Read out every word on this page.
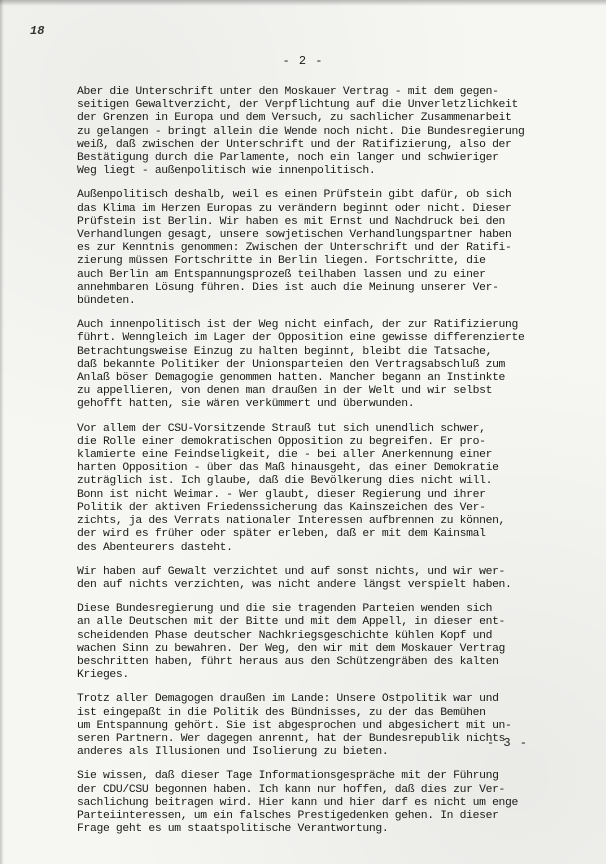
18
- 2 -

Aber die Unterschrift unter den Moskauer Vertrag - mit dem gegen-
seitigen Gewaltverzicht, der Verpflichtung auf die Unverletzlichkeit
der Grenzen in Europa und dem Versuch, zu sachlicher Zusammenarbeit
zu gelangen - bringt allein die Wende noch nicht. Die Bundesregierung
weiß, daß zwischen der Unterschrift und der Ratifizierung, also der
Bestätigung durch die Parlamente, noch ein langer und schwieriger
Weg liegt - außenpolitisch wie innenpolitisch.

Außenpolitisch deshalb, weil es einen Prüfstein gibt dafür, ob sich
das Klima im Herzen Europas zu verändern beginnt oder nicht. Dieser
Prüfstein ist Berlin. Wir haben es mit Ernst und Nachdruck bei den
Verhandlungen gesagt, unsere sowjetischen Verhandlungspartner haben
es zur Kenntnis genommen: Zwischen der Unterschrift und der Ratifi-
zierung müssen Fortschritte in Berlin liegen. Fortschritte, die
auch Berlin am Entspannungsprozeß teilhaben lassen und zu einer
annehmbaren Lösung führen. Dies ist auch die Meinung unserer Ver-
bündeten.

Auch innenpolitisch ist der Weg nicht einfach, der zur Ratifizierung
führt. Wenngleich im Lager der Opposition eine gewisse differenzierte
Betrachtungsweise Einzug zu halten beginnt, bleibt die Tatsache,
daß bekannte Politiker der Unionsparteien den Vertragsabschluß zum
Anlaß böser Demagogie genommen hatten. Mancher begann an Instinkte
zu appellieren, von denen man draußen in der Welt und wir selbst
gehofft hatten, sie wären verkümmert und überwunden.

Vor allem der CSU-Vorsitzende Strauß tut sich unendlich schwer,
die Rolle einer demokratischen Opposition zu begreifen. Er pro-
klamierte eine Feindseligkeit, die - bei aller Anerkennung einer
harten Opposition - über das Maß hinausgeht, das einer Demokratie
zuträglich ist. Ich glaube, daß die Bevölkerung dies nicht will.
Bonn ist nicht Weimar. - Wer glaubt, dieser Regierung und ihrer
Politik der aktiven Friedenssicherung das Kainszeichen des Ver-
zichts, ja des Verrats nationaler Interessen aufbrennen zu können,
der wird es früher oder später erleben, daß er mit dem Kainsmal
des Abenteurers dasteht.

Wir haben auf Gewalt verzichtet und auf sonst nichts, und wir wer-
den auf nichts verzichten, was nicht andere längst verspielt haben.

Diese Bundesregierung und die sie tragenden Parteien wenden sich
an alle Deutschen mit der Bitte und mit dem Appell, in dieser ent-
scheidenden Phase deutscher Nachkriegsgeschichte kühlen Kopf und
wachen Sinn zu bewahren. Der Weg, den wir mit dem Moskauer Vertrag
beschritten haben, führt heraus aus den Schützengräben des kalten
Krieges.

Trotz aller Demagogen draußen im Lande: Unsere Ostpolitik war und
ist eingepaßt in die Politik des Bündnisses, zu der das Bemühen
um Entspannung gehört. Sie ist abgesprochen und abgesichert mit un-
seren Partnern. Wer dagegen anrennt, hat der Bundesrepublik nichts
anderes als Illusionen und Isolierung zu bieten.

Sie wissen, daß dieser Tage Informationsgespräche mit der Führung
der CDU/CSU begonnen haben. Ich kann nur hoffen, daß dies zur Ver-
sachlichung beitragen wird. Hier kann und hier darf es nicht um enge
Parteiinteressen, um ein falsches Prestigedenken gehen. In dieser
Frage geht es um staatspolitische Verantwortung.

- 3 -
